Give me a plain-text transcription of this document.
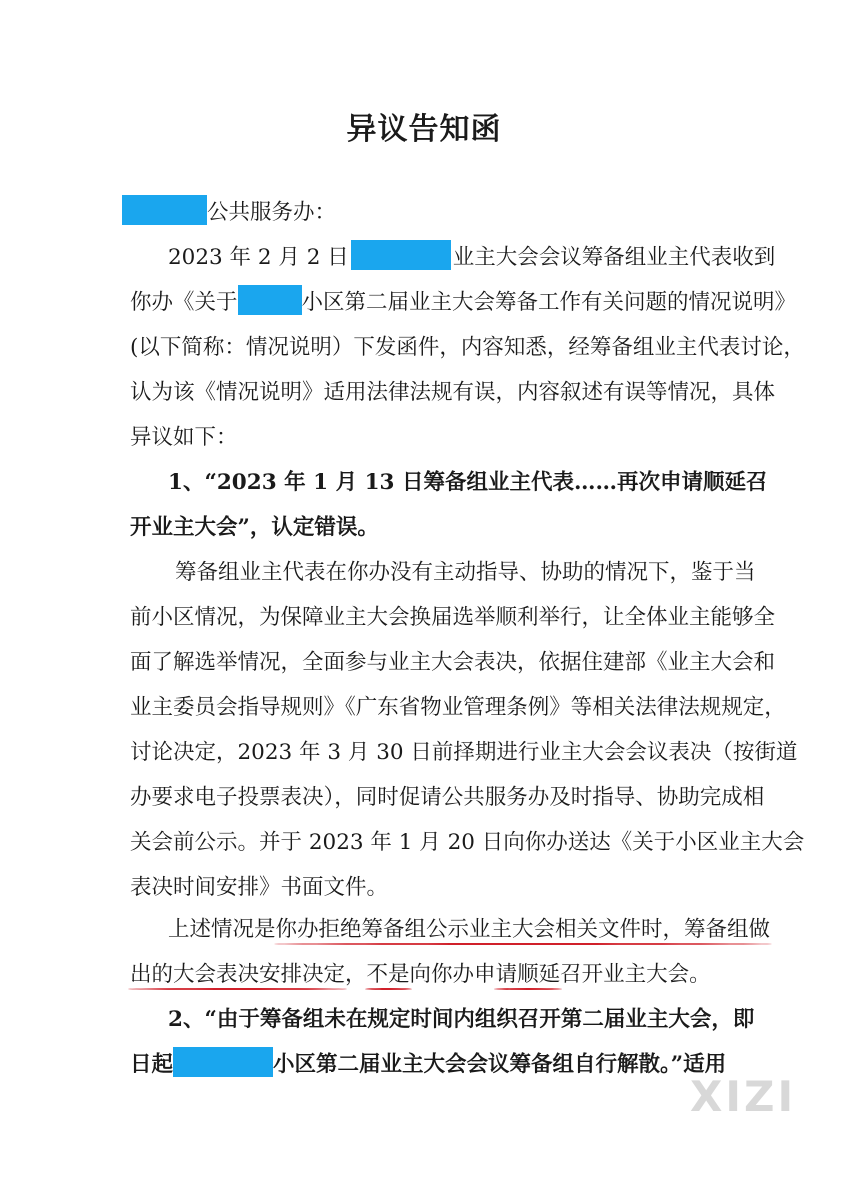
异议告知函
公共服务办：
2023 年 2 月 2 日	业主大会会议筹备组业主代表收到
你办《关于	小区第二届业主大会筹备工作有关问题的情况说明》
(以下简称：情况说明）下发函件，内容知悉，经筹备组业主代表讨论，
认为该《情况说明》适用法律法规有误，内容叙述有误等情况，具体
异议如下：
1、“2023 年 1 月 13 日筹备组业主代表……再次申请顺延召
开业主大会”，认定错误。
筹备组业主代表在你办没有主动指导、协助的情况下，鉴于当
前小区情况，为保障业主大会换届选举顺利举行，让全体业主能够全
面了解选举情况，全面参与业主大会表决，依据住建部《业主大会和
业主委员会指导规则》《广东省物业管理条例》等相关法律法规规定，
讨论决定，2023 年 3 月 30 日前择期进行业主大会会议表决（按街道
办要求电子投票表决），同时促请公共服务办及时指导、协助完成相
关会前公示。并于 2023 年 1 月 20 日向你办送达《关于小区业主大会
表决时间安排》书面文件。
上述情况是你办拒绝筹备组公示业主大会相关文件时，筹备组做
出的大会表决安排决定，不是向你办申请顺延召开业主大会。
2、“由于筹备组未在规定时间内组织召开第二届业主大会，即
日起	小区第二届业主大会会议筹备组自行解散。”适用
XIZI
